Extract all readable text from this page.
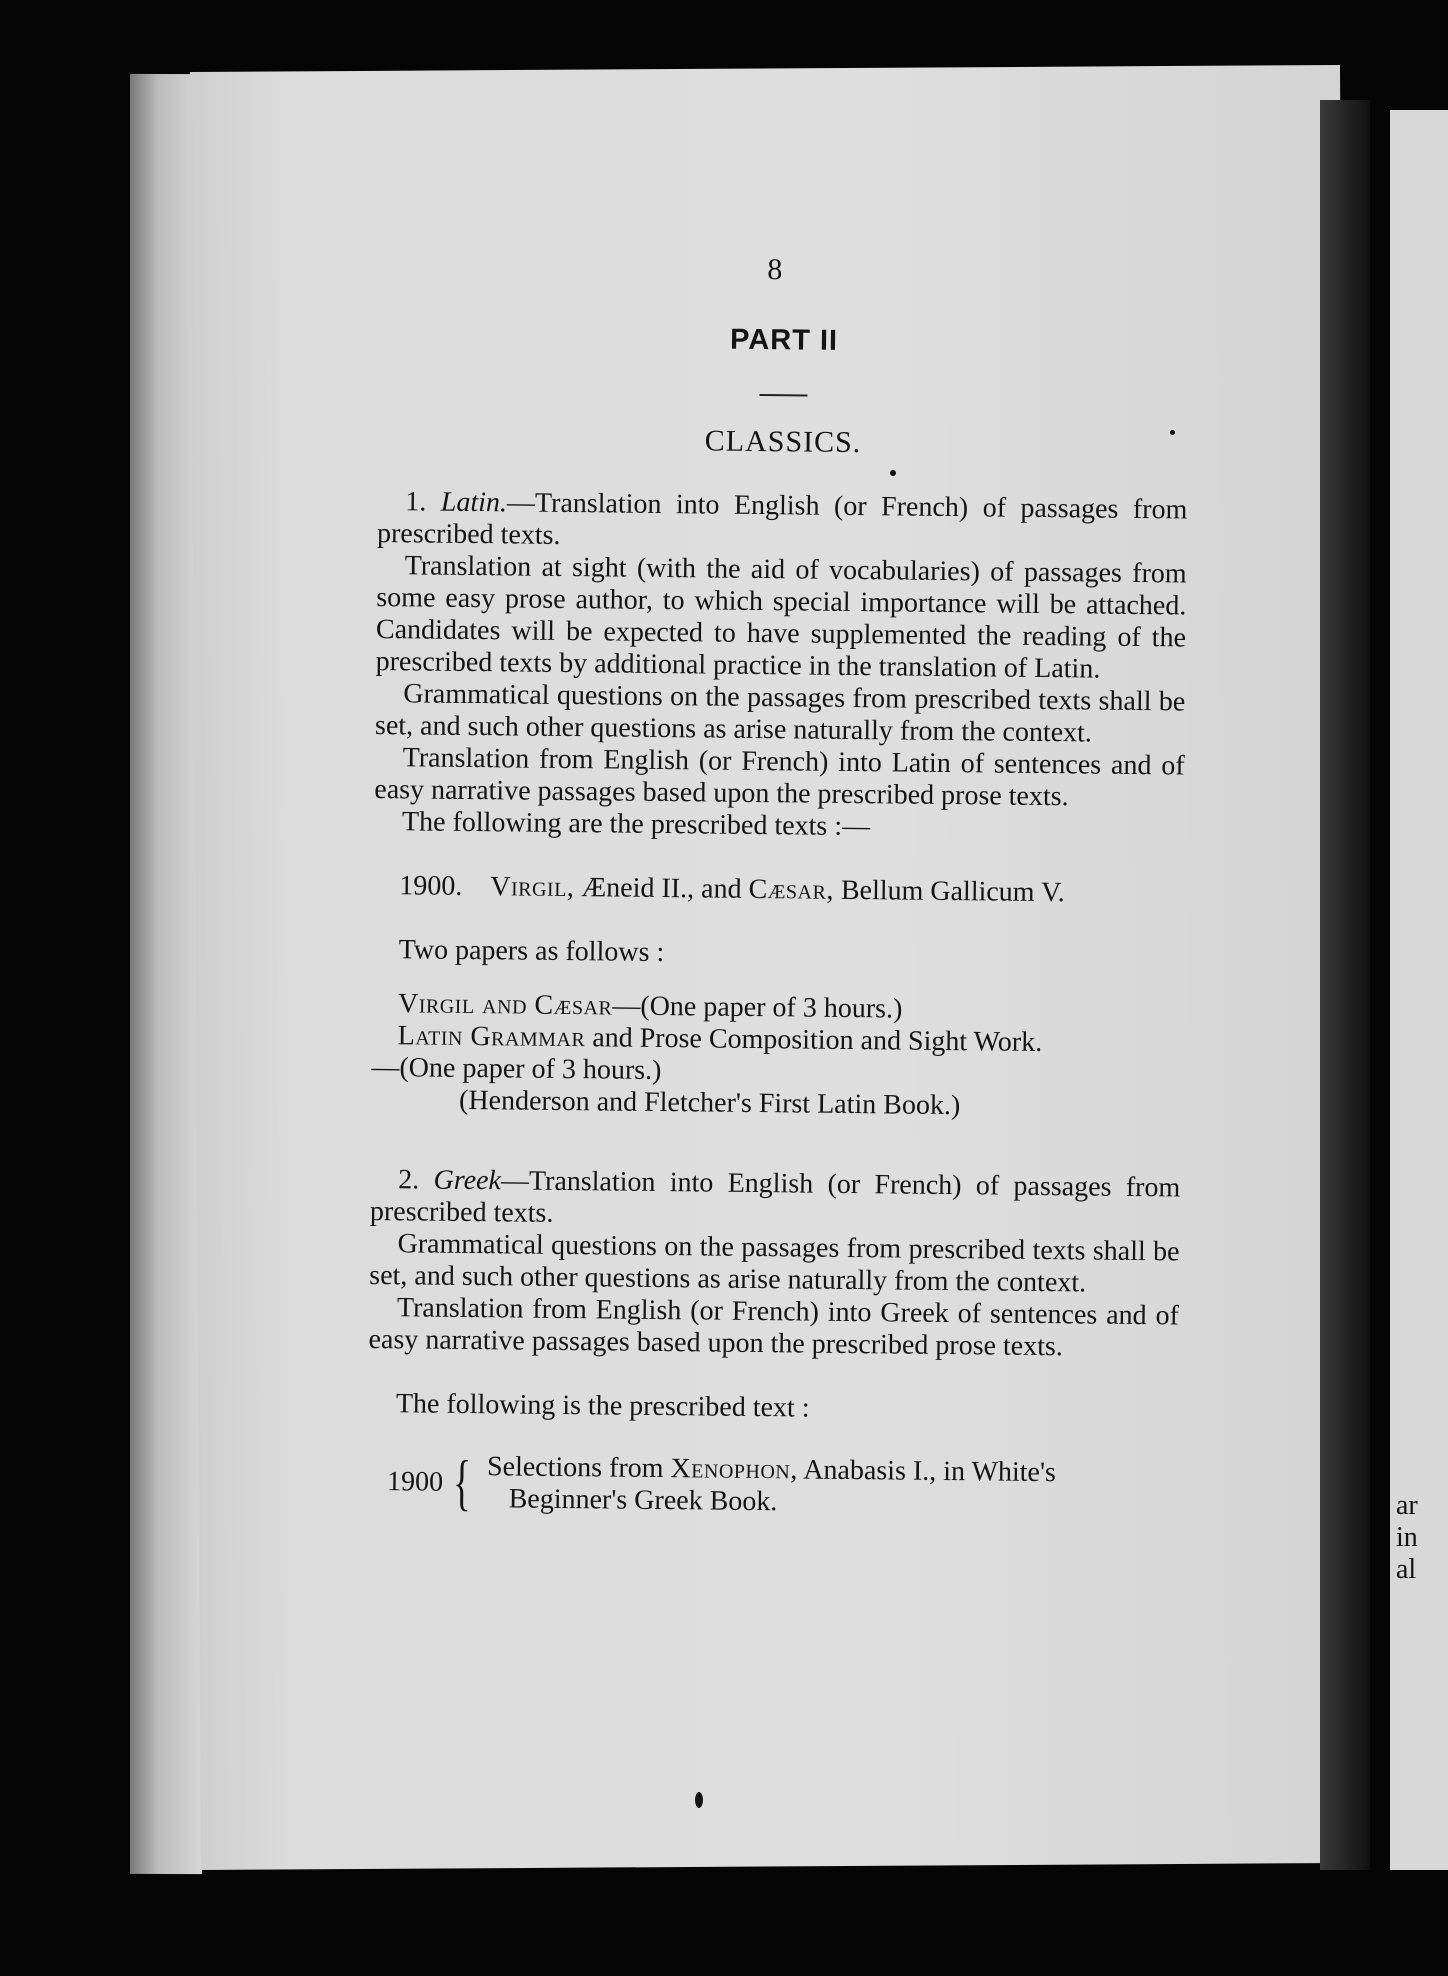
ar
in
al
8
PART II
CLASSICS.

1. Latin.—Translation into English (or French) of passages from prescribed texts.

Translation at sight (with the aid of vocabularies) of passages from some easy prose author, to which special importance will be attached. Candidates will be expected to have supplemented the reading of the prescribed texts by additional practice in the translation of Latin.

Grammatical questions on the passages from prescribed texts shall be set, and such other questions as arise naturally from the context.

Translation from English (or French) into Latin of sentences and of easy narrative passages based upon the prescribed prose texts.

The following are the prescribed texts :—

1900. Virgil, Æneid II., and Cæsar, Bellum Gallicum V.

Two papers as follows :

Virgil and Cæsar—(One paper of 3 hours.)

Latin Grammar and Prose Composition and Sight Work.

—(One paper of 3 hours.)

(Henderson and Fletcher's First Latin Book.)

2. Greek—Translation into English (or French) of passages from prescribed texts.

Grammatical questions on the passages from prescribed texts shall be set, and such other questions as arise naturally from the context.

Translation from English (or French) into Greek of sentences and of easy narrative passages based upon the prescribed prose texts.

The following is the prescribed text :

1900 { Selections from Xenophon, Anabasis I., in White's
Beginner's Greek Book.
